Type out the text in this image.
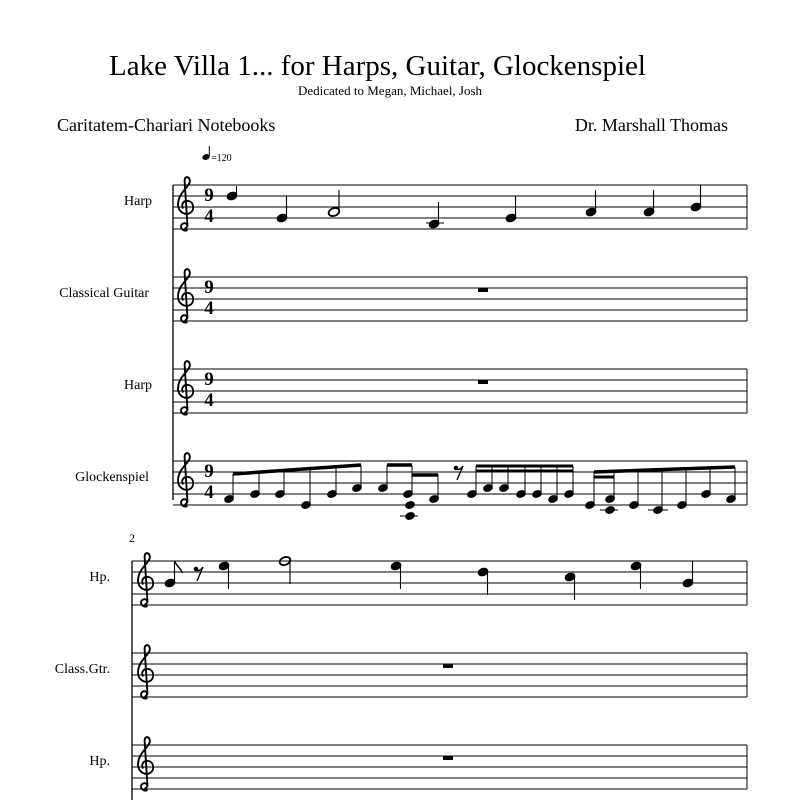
Lake Villa 1... for Harps, Guitar, Glockenspiel
Dedicated to Megan, Michael, Josh
Caritatem-Chariari Notebooks	Dr. Marshall Thomas
Harp
Classical Guitar
Harp
Glockenspiel
Hp.
Class.Gtr.
Hp.
=120
9
4
9
4
9
4
9
4
2
